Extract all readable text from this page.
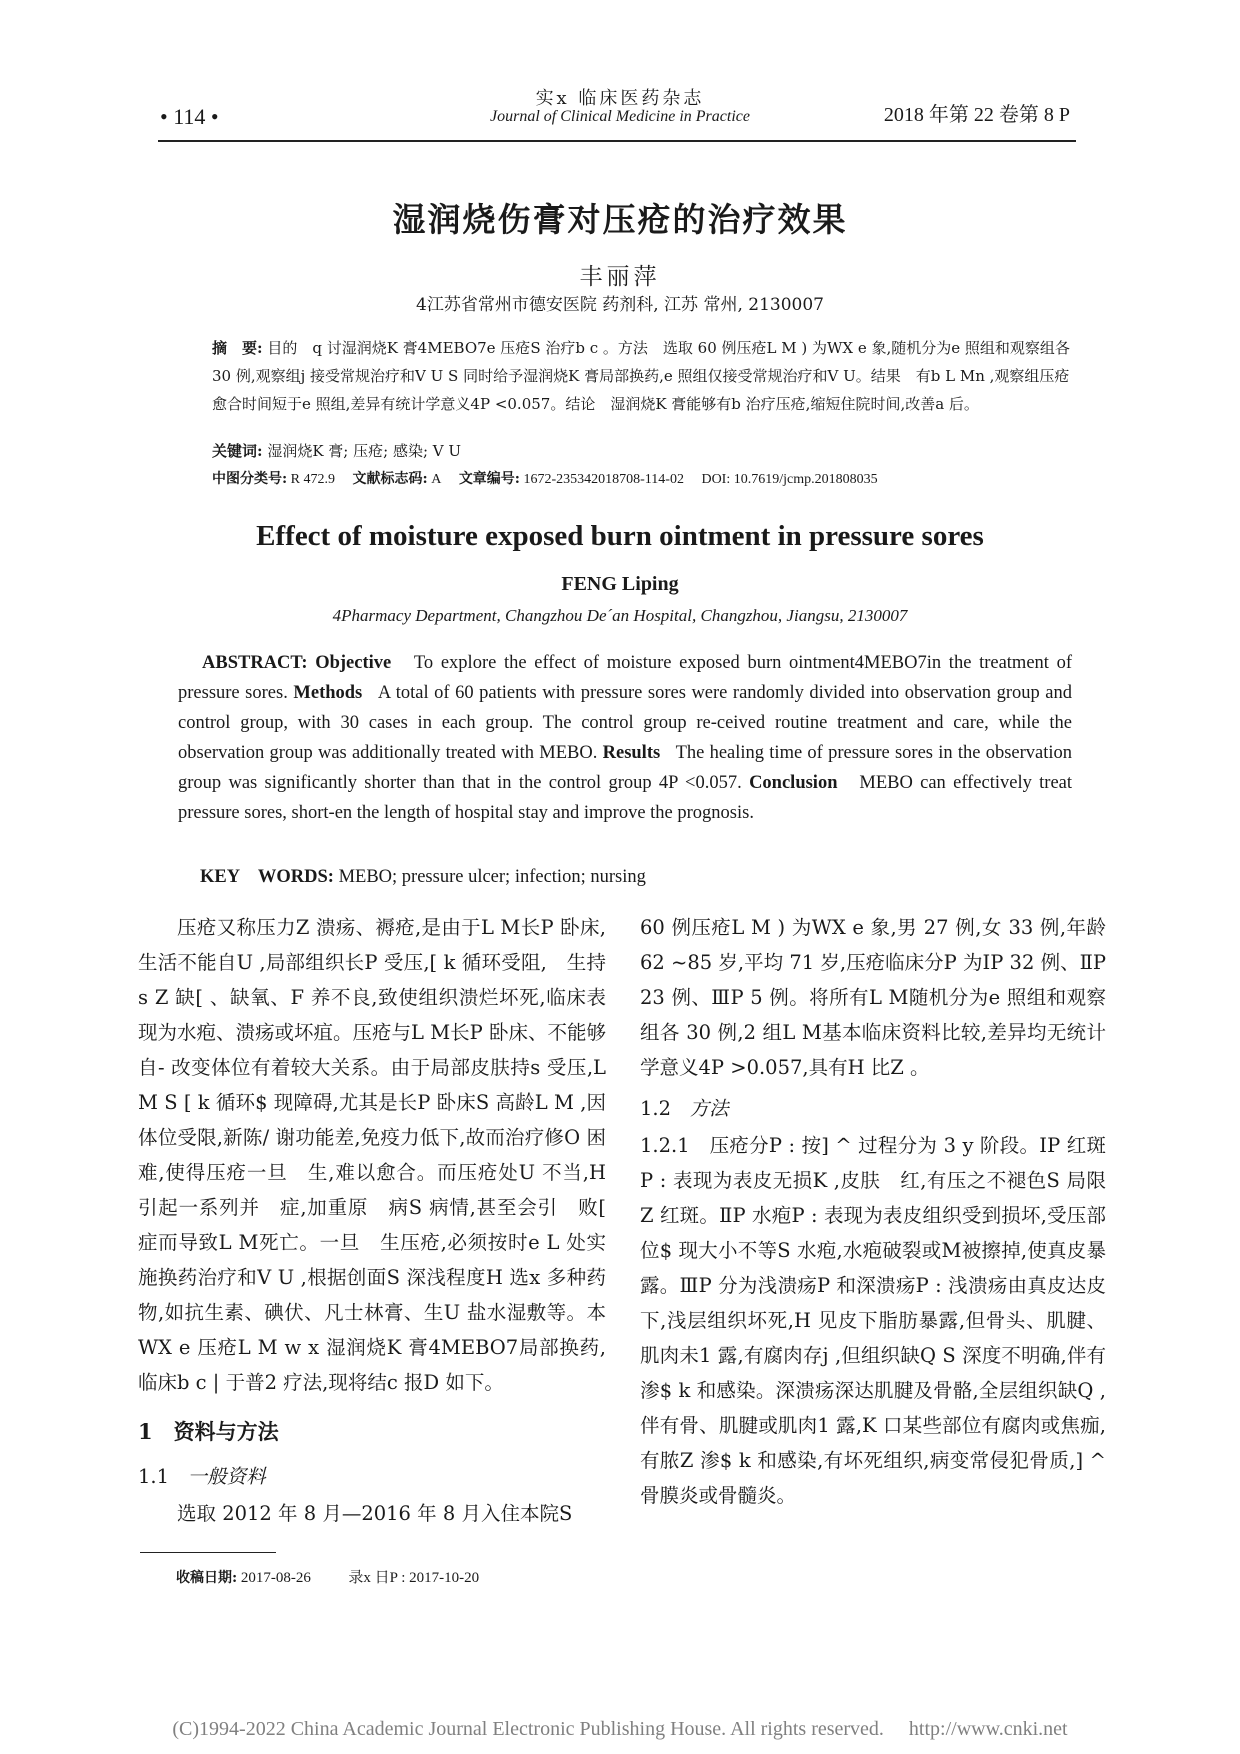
• 114 •
实x 临床医药杂志
Journal of Clinical Medicine in Practice	2018 年第 22 卷第 8 P
湿润烧伤膏对压疮的治疗效果
丰丽萍
4江苏省常州市德安医院 药剂科, 江苏 常州, 2130007
摘　要: 目的　q 讨湿润烧K 膏4MEBO7e 压疮S 治疗b c 。方法　选取 60 例压疮L M ) 为WX e 象,随机分为e 照组和观察组各 30 例,观察组j 接受常规治疗和V U S 同时给予湿润烧K 膏局部换药,e 照组仅接受常规治疗和V U。结果　有b L Mn ,观察组压疮愈合时间短于e 照组,差异有统计学意义4P <0.057。结论　湿润烧K 膏能够有b 治疗压疮,缩短住院时间,改善a 后。
关键词: 湿润烧K 膏; 压疮; 感染; V U
中图分类号: R 472.9 文献标志码: A 文章编号: 1672-235342018708-114-02 DOI: 10.7619/jcmp.201808035
Effect of moisture exposed burn ointment in pressure sores
FENG Liping
4Pharmacy Department, Changzhou De´an Hospital, Changzhou, Jiangsu, 2130007
ABSTRACT: Objective To explore the effect of moisture exposed burn ointment4MEBO7in the treatment of pressure sores. Methods A total of 60 patients with pressure sores were randomly divided into observation group and control group, with 30 cases in each group. The control group re-ceived routine treatment and care, while the observation group was additionally treated with MEBO. Results The healing time of pressure sores in the observation group was significantly shorter than that in the control group 4P <0.057. Conclusion MEBO can effectively treat pressure sores, short-en the length of hospital stay and improve the prognosis.
KEY　WORDS: MEBO; pressure ulcer; infection; nursing

压疮又称压力Z 溃疡、褥疮,是由于L M长P 卧床,生活不能自U ,局部组织长P 受压,[ k 循环受阻,　生持s Z 缺[ 、缺氧、F 养不良,致使组织溃烂坏死,临床表现为水疱、溃疡或坏疽。压疮与L M长P 卧床、不能够自- 改变体位有着较大关系。由于局部皮肤持s 受压,L M S [ k 循环$ 现障碍,尤其是长P 卧床S 高龄L M ,因体位受限,新陈/ 谢功能差,免疫力低下,故而治疗修O 困难,使得压疮一旦　生,难以愈合。而压疮处U 不当,H 引起一系列并　症,加重原　病S 病情,甚至会引　败[ 症而导致L M死亡。一旦　生压疮,必须按时e L 处实施换药治疗和V U ,根据创面S 深浅程度H 选x 多种药物,如抗生素、碘伏、凡士林膏、生U 盐水湿敷等。本WX e 压疮L M w x 湿润烧K 膏4MEBO7局部换药,临床b c | 于普2 疗法,现将结c 报D 如下。

1　资料与方法
1.1 一般资料

选取 2012 年 8 月—2016 年 8 月入住本院S

60 例压疮L M ) 为WX e 象,男 27 例,女 33 例,年龄 62 ~85 岁,平均 71 岁,压疮临床分P 为ⅠP 32 例、ⅡP 23 例、ⅢP 5 例。将所有L M随机分为e 照组和观察组各 30 例,2 组L M基本临床资料比较,差异均无统计学意义4P >0.057,具有H 比Z 。

1.2 方法

1.2.1　压疮分P : 按] ^ 过程分为 3 y 阶段。ⅠP 红斑P : 表现为表皮无损K ,皮肤　红,有压之不褪色S 局限Z 红斑。ⅡP 水疱P : 表现为表皮组织受到损坏,受压部位$ 现大小不等S 水疱,水疱破裂或M被擦掉,使真皮暴露。ⅢP 分为浅溃疡P 和深溃疡P : 浅溃疡由真皮达皮下,浅层组织坏死,H 见皮下脂肪暴露,但骨头、肌腱、肌肉未1 露,有腐肉存j ,但组织缺Q S 深度不明确,伴有渗$ k 和感染。深溃疡深达肌腱及骨骼,全层组织缺Q ,伴有骨、肌腱或肌肉1 露,K 口某些部位有腐肉或焦痂,有脓Z 渗$ k 和感染,有坏死组织,病变常侵犯骨质,] ^ 骨膜炎或骨髓炎。

收稿日期: 2017-08-26	录x 日P : 2017-10-20
(C)1994-2022 China Academic Journal Electronic Publishing House. All rights reserved.　 http://www.cnki.net
